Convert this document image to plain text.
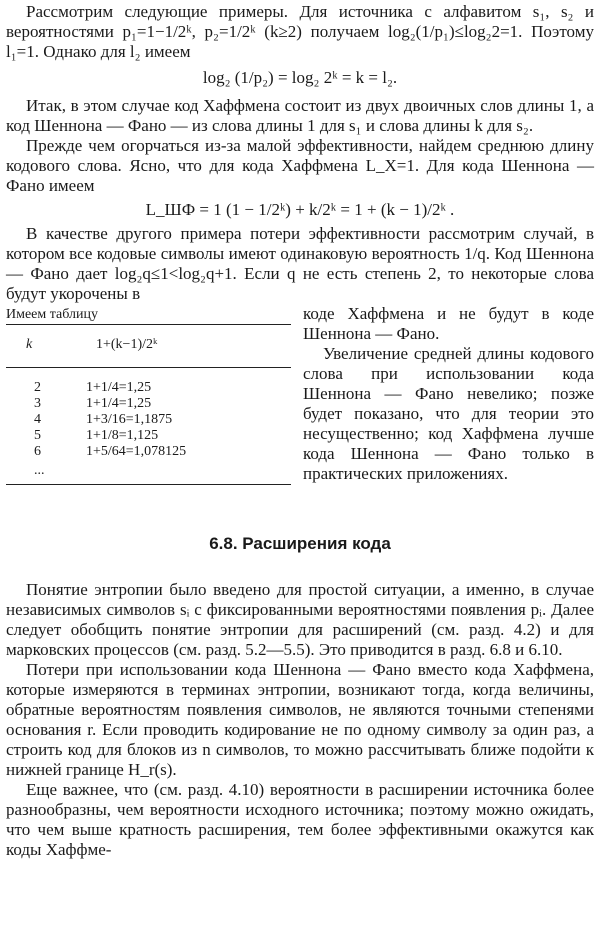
Рассмотрим следующие примеры. Для источника с алфавитом s₁, s₂ и вероятностями p₁=1−1/2ᵏ, p₂=1/2ᵏ (k≥2) получаем log₂(1/p₁)≤log₂2=1. Поэтому l₁=1. Однако для l₂ имеем

log₂ (1/p₂) = log₂ 2ᵏ = k = l₂.

Итак, в этом случае код Хаффмена состоит из двух двоичных слов длины 1, а код Шеннона — Фано — из слова длины 1 для s₁ и слова длины k для s₂.

Прежде чем огорчаться из-за малой эффективности, найдем среднюю длину кодового слова. Ясно, что для кода Хаффмена L_X=1. Для кода Шеннона — Фано имеем

L_ШФ = 1 (1 − 1/2ᵏ) + k/2ᵏ = 1 + (k − 1)/2ᵏ .

В качестве другого примера потери эффективности рассмотрим случай, в котором все кодовые символы имеют одинаковую вероятность 1/q. Код Шеннона — Фано дает log₂q≤1<log₂q+1. Если q не есть степень 2, то некоторые слова будут укорочены в

Имеем таблицу
k	1+(k−1)/2ᵏ
2	1+1/4=1,25
3	1+1/4=1,25
4	1+3/16=1,1875
5	1+1/8=1,125
6	1+5/64=1,078125
...

коде Хаффмена и не будут в коде Шеннона — Фано.

Увеличение средней длины кодового слова при использовании кода Шеннона — Фано невелико; позже будет показано, что для теории это несущественно; код Хаффмена лучше кода Шеннона — Фано только в практических приложениях.

6.8. Расширения кода

Понятие энтропии было введено для простой ситуации, а именно, в случае независимых символов sᵢ с фиксированными вероятностями появления pᵢ. Далее следует обобщить понятие энтропии для расширений (см. разд. 4.2) и для марковских процессов (см. разд. 5.2—5.5). Это приводится в разд. 6.8 и 6.10.

Потери при использовании кода Шеннона — Фано вместо кода Хаффмена, которые измеряются в терминах энтропии, возникают тогда, когда величины, обратные вероятностям появления символов, не являются точными степенями основания r. Если проводить кодирование не по одному символу за один раз, а строить код для блоков из n символов, то можно рассчитывать ближе подойти к нижней границе H_r(s).

Еще важнее, что (см. разд. 4.10) вероятности в расширении источника более разнообразны, чем вероятности исходного источника; поэтому можно ожидать, что чем выше кратность расширения, тем более эффективными окажутся как коды Хаффме-
